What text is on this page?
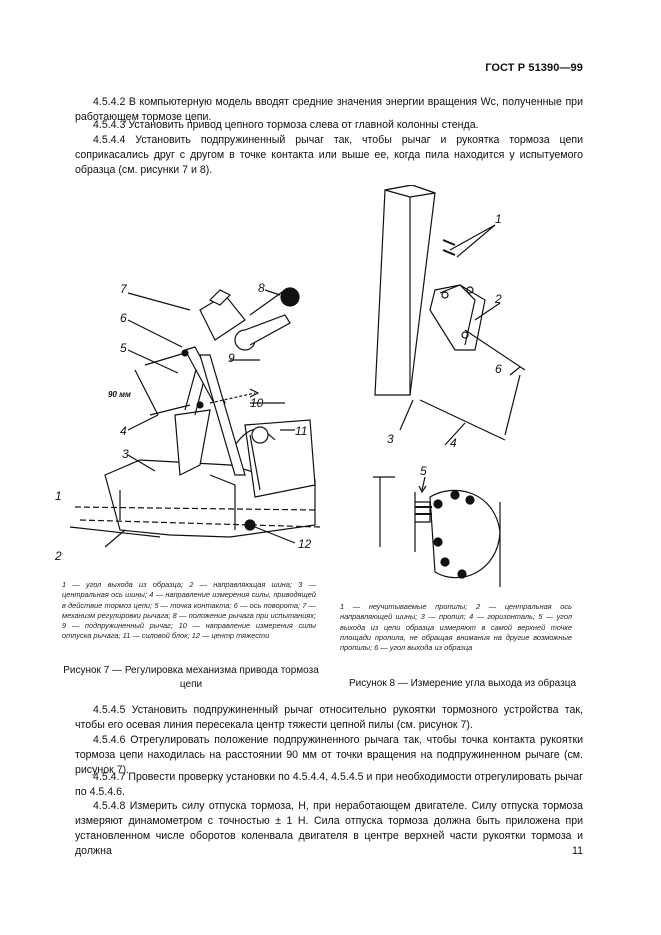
ГОСТ Р 51390—99
4.5.4.2 В компьютерную модель вводят средние значения энергии вращения Wс, полученные при работающем тормозе цепи.
4.5.4.3 Установить привод цепного тормоза слева от главной колонны стенда.
4.5.4.4 Установить подпружиненный рычаг так, чтобы рычаг и рукоятка тормоза цепи соприкасались друг с другом в точке контакта или выше ее, когда пила находится у испытуемого образца (см. рисунки 7 и 8).
7	8
6
5
9
10
4	11
3
1
2
12
90 мм
1
2
6
3	4
5
1 — угол выхода из образца; 2 — направляющая шина; 3 — центральная ось шины; 4 — направление измерения силы, приводящей в действие тормоз цепи; 5 — точка контакта; 6 — ось поворота; 7 — механизм регулировки рычага; 8 — положение рычага при испытаниях; 9 — подпружиненный рычаг; 10 — направление измерения силы отпуска рычага; 11 — силовой блок; 12 — центр тяжести
1 — неучитываемые пропилы; 2 — центральная ось направляющей шины; 3 — пропил; 4 — горизонталь; 5 — угол выхода из цепи образца измеряют в самой верхней точке площади пропила, не обращая внимания на другие возможные пропилы; 6 — угол выхода из образца
Рисунок 7 — Регулировка механизма привода тормоза цепи	Рисунок 8 — Измерение угла выхода из образца
4.5.4.5 Установить подпружиненный рычаг относительно рукоятки тормозного устройства так, чтобы его осевая линия пересекала центр тяжести цепной пилы (см. рисунок 7).
4.5.4.6 Отрегулировать положение подпружиненного рычага так, чтобы точка контакта рукоятки тормоза цепи находилась на расстоянии 90 мм от точки вращения на подпружиненном рычаге (см. рисунок 7).
4.5.4.7 Провести проверку установки по 4.5.4.4, 4.5.4.5 и при необходимости отрегулировать рычаг по 4.5.4.6.
4.5.4.8 Измерить силу отпуска тормоза, Н, при неработающем двигателе. Силу отпуска тормоза измеряют динамометром с точностью ± 1 Н. Сила отпуска тормоза должна быть приложена при установленном числе оборотов коленвала двигателя в центре верхней части рукоятки тормоза и должна	11
